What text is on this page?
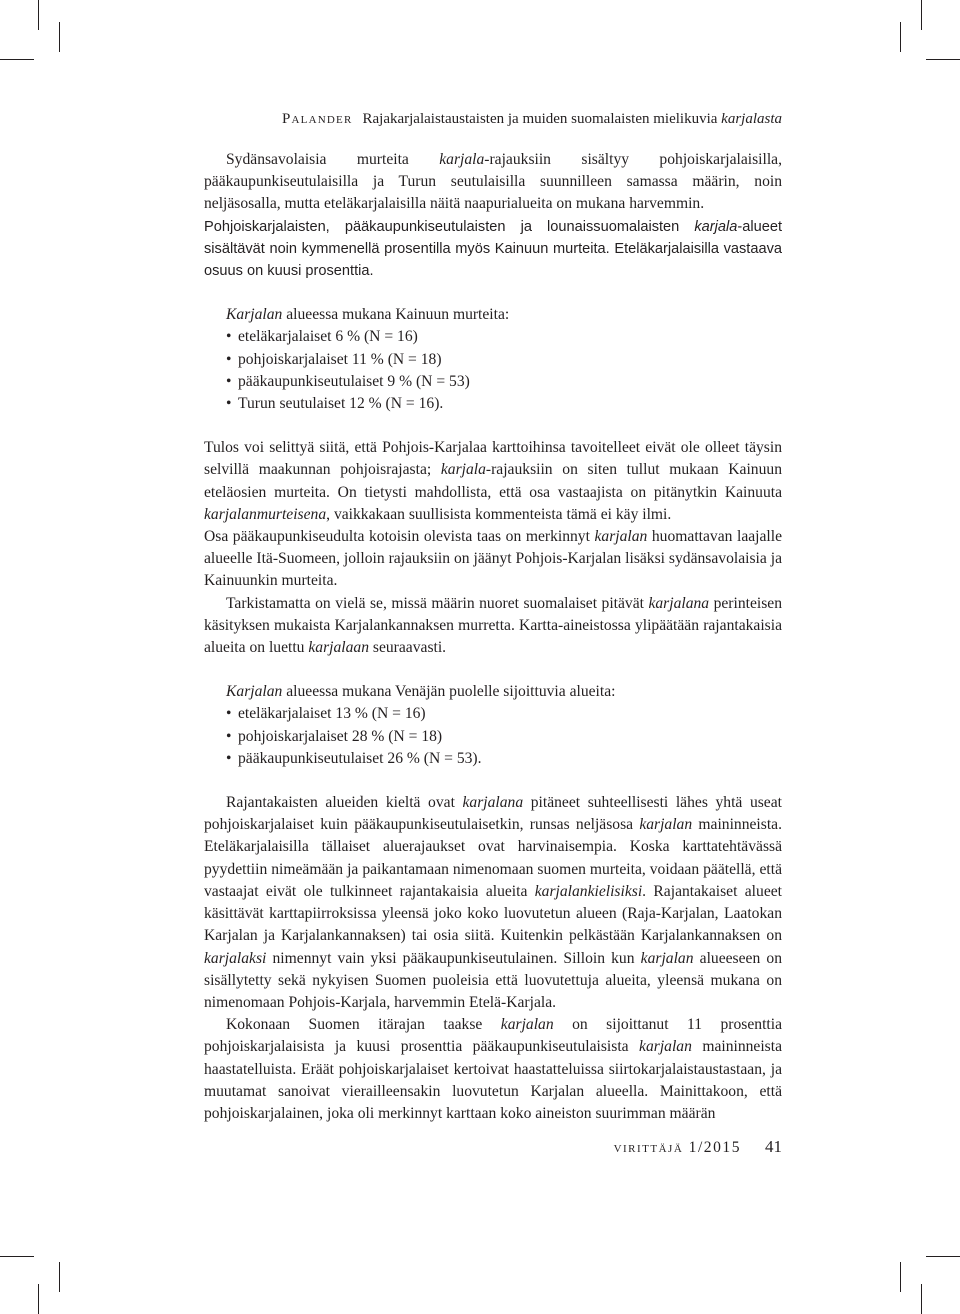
Palander Rajakarjalaistaustaisten ja muiden suomalaisten mielikuvia karjalasta

Sydänsavolaisia murteita karjala-rajauksiin sisältyy pohjoiskarjalaisilla, pääkaupunkiseutulaisilla ja Turun seutulaisilla suunnilleen samassa määrin, noin neljäsosalla, mutta eteläkarjalaisilla näitä naapurialueita on mukana harvemmin.

Pohjoiskarjalaisten, pääkaupunkiseutulaisten ja lounaissuomalaisten karjala-alueet sisältävät noin kymmenellä prosentilla myös Kainuun murteita. Eteläkarjalaisilla vastaava osuus on kuusi prosenttia.

Karjalan alueessa mukana Kainuun murteita:

• eteläkarjalaiset 6 % (N = 16)
• pohjoiskarjalaiset 11 % (N = 18)
• pääkaupunkiseutulaiset 9 % (N = 53)
• Turun seutulaiset 12 % (N = 16).

Tulos voi selittyä siitä, että Pohjois-Karjalaa karttoihinsa tavoitelleet eivät ole olleet täysin selvillä maakunnan pohjoisrajasta; karjala-rajauksiin on siten tullut mukaan Kainuun eteläosien murteita. On tietysti mahdollista, että osa vastaajista on pitänytkin Kainuuta karjalanmurteisena, vaikkakaan suullisista kommenteista tämä ei käy ilmi.

Osa pääkaupunkiseudulta kotoisin olevista taas on merkinnyt karjalan huomattavan laajalle alueelle Itä-Suomeen, jolloin rajauksiin on jäänyt Pohjois-Karjalan lisäksi sydänsavolaisia ja Kainuunkin murteita.

Tarkistamatta on vielä se, missä määrin nuoret suomalaiset pitävät karjalana perinteisen käsityksen mukaista Karjalankannaksen murretta. Kartta-aineistossa ylipäätään rajantakaisia alueita on luettu karjalaan seuraavasti.

Karjalan alueessa mukana Venäjän puolelle sijoittuvia alueita:

• eteläkarjalaiset 13 % (N = 16)
• pohjoiskarjalaiset 28 % (N = 18)
• pääkaupunkiseutulaiset 26 % (N = 53).

Rajantakaisten alueiden kieltä ovat karjalana pitäneet suhteellisesti lähes yhtä useat pohjoiskarjalaiset kuin pääkaupunkiseutulaisetkin, runsas neljäsosa karjalan maininneista. Eteläkarjalaisilla tällaiset aluerajaukset ovat harvinaisempia. Koska karttatehtävässä pyydettiin nimeämään ja paikantamaan nimenomaan suomen murteita, voidaan päätellä, että vastaajat eivät ole tulkinneet rajantakaisia alueita karjalankielisiksi. Rajantakaiset alueet käsittävät karttapiirroksissa yleensä joko koko luovutetun alueen (Raja-Karjalan, Laatokan Karjalan ja Karjalankannaksen) tai osia siitä. Kuitenkin pelkästään Karjalankannaksen on karjalaksi nimennyt vain yksi pääkaupunkiseutulainen. Silloin kun karjalan alueeseen on sisällytetty sekä nykyisen Suomen puoleisia että luovutettuja alueita, yleensä mukana on nimenomaan Pohjois-Karjala, harvemmin Etelä-Karjala.

Kokonaan Suomen itärajan taakse karjalan on sijoittanut 11 prosenttia pohjoiskarjalaisista ja kuusi prosenttia pääkaupunkiseutulaisista karjalan maininneista haastatelluista. Eräät pohjoiskarjalaiset kertoivat haastatteluissa siirtokarjalaistaustastaan, ja muutamat sanoivat vierailleensakin luovutetun Karjalan alueella. Mainittakoon, että pohjoiskarjalainen, joka oli merkinnyt karttaan koko aineiston suurimman määrän

virittäjä 1/2015 41
